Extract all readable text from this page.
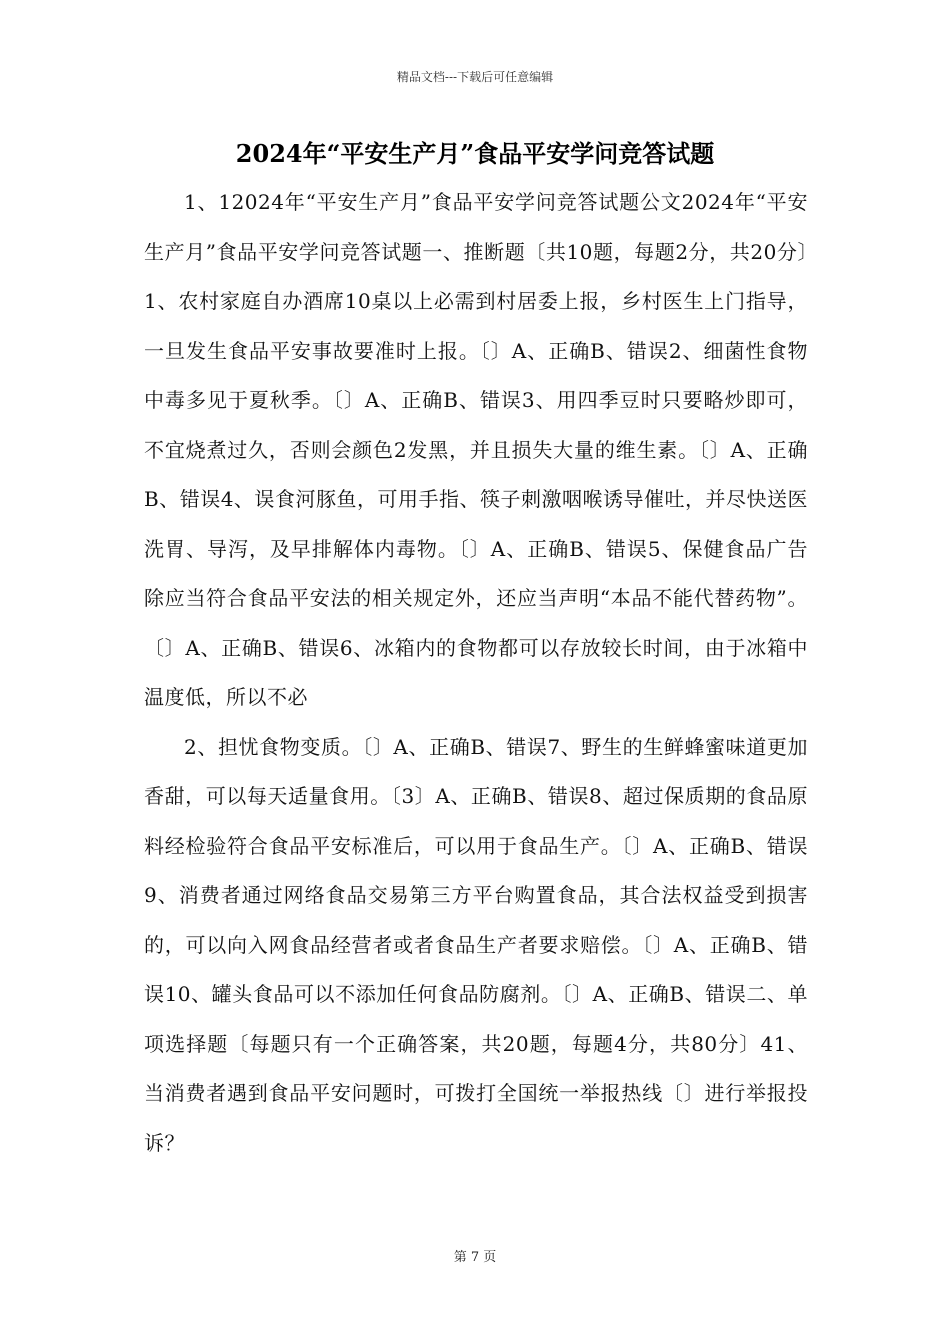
精品文档---下载后可任意编辑
2024年“平安生产月”食品平安学问竞答试题

1、12024年“平安生产月”食品平安学问竞答试题公文2024年“平安生产月”食品平安学问竞答试题一、推断题〔共10题，每题2分，共20分〕1、农村家庭自办酒席10桌以上必需到村居委上报，乡村医生上门指导，一旦发生食品平安事故要准时上报。〔〕A、正确B、错误2、细菌性食物中毒多见于夏秋季。〔〕A、正确B、错误3、用四季豆时只要略炒即可，不宜烧煮过久，否则会颜色2发黑，并且损失大量的维生素。〔〕A、正确B、错误4、误食河豚鱼，可用手指、筷子刺激咽喉诱导催吐，并尽快送医洗胃、导泻，及早排解体内毒物。〔〕A、正确B、错误5、保健食品广告除应当符合食品平安法的相关规定外，还应当声明“本品不能代替药物”。〔〕A、正确B、错误6、冰箱内的食物都可以存放较长时间，由于冰箱中温度低，所以不必

2、担忧食物变质。〔〕A、正确B、错误7、野生的生鲜蜂蜜味道更加香甜，可以每天适量食用。〔3〕A、正确B、错误8、超过保质期的食品原料经检验符合食品平安标准后，可以用于食品生产。〔〕A、正确B、错误9、消费者通过网络食品交易第三方平台购置食品，其合法权益受到损害的，可以向入网食品经营者或者食品生产者要求赔偿。〔〕A、正确B、错误10、罐头食品可以不添加任何食品防腐剂。〔〕A、正确B、错误二、单项选择题〔每题只有一个正确答案，共20题，每题4分，共80分〕41、当消费者遇到食品平安问题时，可拨打全国统一举报热线〔〕进行举报投诉？

第 7 页
